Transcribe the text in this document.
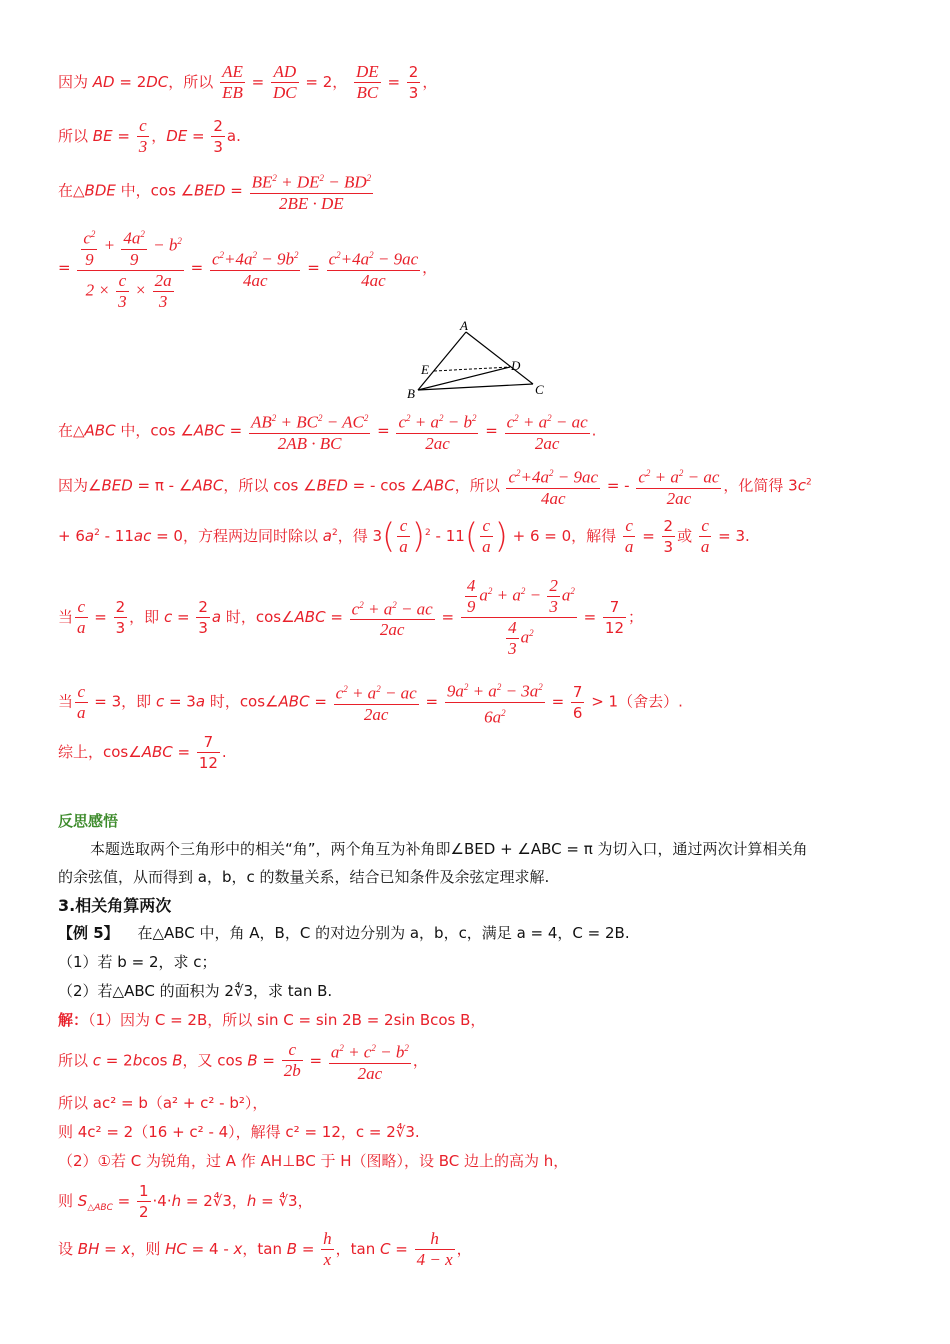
因为 AD = 2DC，所以 $\frac{AE}{EB} = \frac{AD}{DC} = 2$， $\frac{DE}{BC} = \frac{2}{3}$ ，
所以 BE = $\frac{c}{3}$ ，DE = $\frac{2}{3} a$.
在△BDE 中，cos ∠BED = $\frac{BE^2 + DE^2 - BD^2}{2BE \cdot DE}$
= $\frac{\frac{c^2}{9} + \frac{4a^2}{9} - b^2}{2 \times \frac{c}{3} \times \frac{2a}{3}} = \frac{c^2+4a^2 - 9b^2}{4ac} = \frac{c^2+4a^2 - 9ac}{4ac}$ ，
A
B	C
D
E
在△ABC 中，cos ∠ABC = $\frac{AB^2 + BC^2 - AC^2}{2AB \cdot BC} = \frac{c^2 + a^2 - b^2}{2ac} = \frac{c^2 + a^2 - ac}{2ac}$ .
因为∠BED = π - ∠ABC，所以 cos ∠BED = - cos ∠ABC，所以 $\frac{c^2+4a^2 - 9ac}{4ac}$ = - $\frac{c^2 + a^2 - ac}{2ac}$ ，化简得 $3c^2$
+ $6a^2 - 11ac = 0$，方程两边同时除以 $a^2$，得 $3( \frac{c}{a} )^2 - 11( \frac{c}{a}$ ) + 6 = 0，解得 $\frac{c}{a} = \frac{2}{3}$ 或 $\frac{c}{a} = 3$.
当 $\frac{c}{a} = \frac{2}{3}$ ，即 $c = \frac{2}{3}$ a 时，cos∠ABC = $\frac{c^2 + a^2 - ac}{2ac} = \frac{\frac{4}{9} a^2 + a^2 - \frac{2}{3} a^2}{\frac{4}{3} a^2} = \frac{7}{12}$ ；
当 $\frac{c}{a} = 3$，即 c = 3a 时，cos∠ABC = $\frac{c^2 + a^2 - ac}{2ac} = \frac{9a^2 + a^2 - 3a^2}{6a^2} = \frac{7}{6} > 1$（舍去）.
综上，cos∠ABC = $\frac{7}{12}$ .
反思感悟
本题选取两个三角形中的相关“角”，两个角互为补角即∠BED + ∠ABC = π 为切入口，通过两次计算相关角
的余弦值，从而得到 a，b，c 的数量关系，结合已知条件及余弦定理求解.
3.相关角算两次
【例 5】 在△ABC 中，角 A，B，C 的对边分别为 a，b，c，满足 a = 4，C = 2B.
（1）若 b = 2，求 c；
（2）若△ABC 的面积为 2∜3，求 tan B.
解：（1）因为 C = 2B，所以 sin C = sin 2B = 2sin Bcos B，
所以 c = 2bcos B，又 $\cos B = \frac{c}{2b} = \frac{a^2 + c^2 - b^2}{2ac}$ ，
所以 ac² = b（a² + c² - b²），
则 4c² = 2（16 + c² - 4），解得 c² = 12，c = 2∜3.
（2）①若 C 为锐角，过 A 作 AH⊥BC 于 H（图略），设 BC 边上的高为 h，
则 $S_{\triangle ABC} = \frac{1}{2} \cdot 4\cdot h$ = 2∜3，h = ∜3，
设 BH = x，则 HC = 4 - x，$\tan B = \frac{h}{x}$ ，$\tan C = \frac{h}{4 - x}$ ，
